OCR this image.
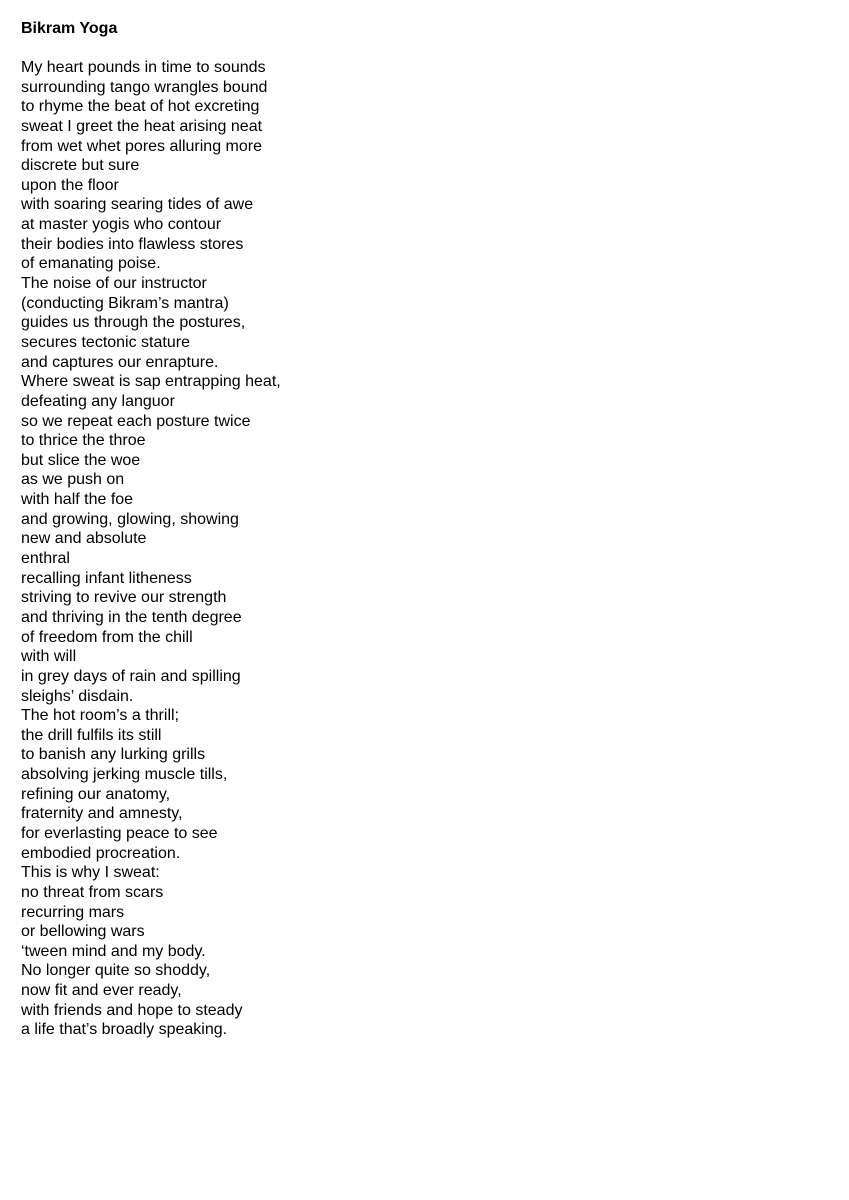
Bikram Yoga
My heart pounds in time to sounds
surrounding tango wrangles bound
to rhyme the beat of hot excreting
sweat I greet the heat arising neat
from wet whet pores alluring more
discrete but sure
upon the floor
with soaring searing tides of awe
at master yogis who contour
their bodies into flawless stores
of emanating poise.
The noise of our instructor
(conducting Bikram’s mantra)
guides us through the postures,
secures tectonic stature
and captures our enrapture.
Where sweat is sap entrapping heat,
defeating any languor
so we repeat each posture twice
to thrice the throe
but slice the woe
as we push on
with half the foe
and growing, glowing, showing
new and absolute
enthral
recalling infant litheness
striving to revive our strength
and thriving in the tenth degree
of freedom from the chill
with will
in grey days of rain and spilling
sleighs’ disdain.
The hot room’s a thrill;
the drill fulfils its still
to banish any lurking grills
absolving jerking muscle tills,
refining our anatomy,
fraternity and amnesty,
for everlasting peace to see
embodied procreation.
This is why I sweat:
no threat from scars
recurring mars
or bellowing wars
‘tween mind and my body.
No longer quite so shoddy,
now fit and ever ready,
with friends and hope to steady
a life that’s broadly speaking.
